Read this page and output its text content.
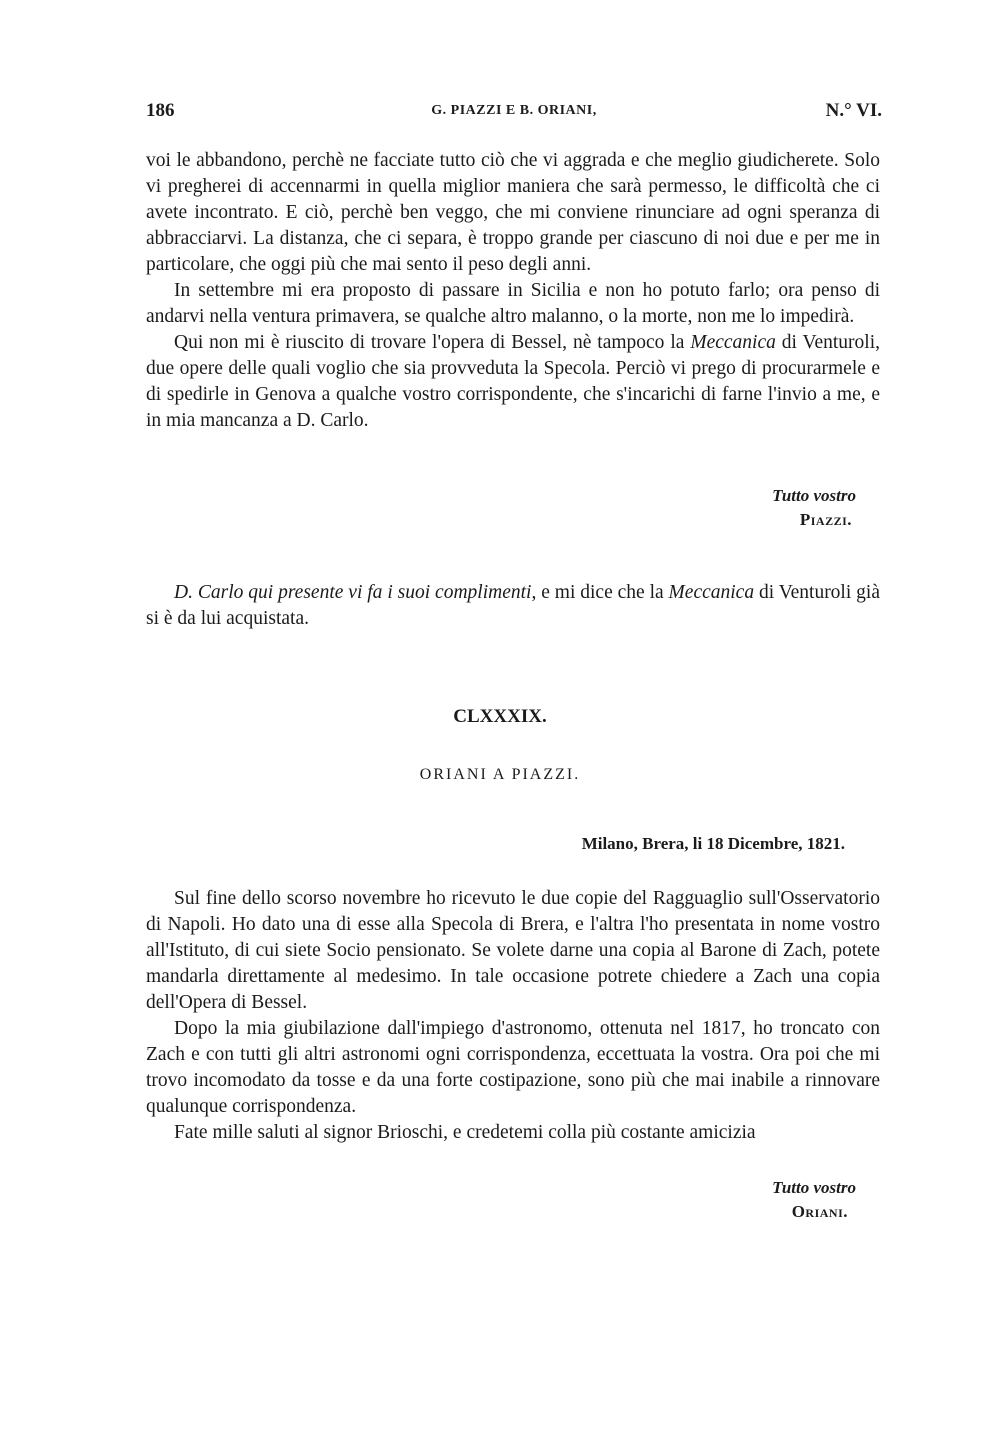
186	G. PIAZZI E B. ORIANI,	N.° VI.

voi le abbandono, perchè ne facciate tutto ciò che vi aggrada e che meglio giudicherete. Solo vi pregherei di accennarmi in quella miglior maniera che sarà permesso, le difficoltà che ci avete incontrato. E ciò, perchè ben veggo, che mi conviene rinunciare ad ogni speranza di abbracciarvi. La distanza, che ci separa, è troppo grande per ciascuno di noi due e per me in particolare, che oggi più che mai sento il peso degli anni.

In settembre mi era proposto di passare in Sicilia e non ho potuto farlo; ora penso di andarvi nella ventura primavera, se qualche altro malanno, o la morte, non me lo impedirà.

Qui non mi è riuscito di trovare l'opera di Bessel, nè tampoco la Meccanica di Venturoli, due opere delle quali voglio che sia provveduta la Specola. Perciò vi prego di procurarmele e di spedirle in Genova a qualche vostro corrispondente, che s'incarichi di farne l'invio a me, e in mia mancanza a D. Carlo.

Tutto vostro
Piazzi.

D. Carlo qui presente vi fa i suoi complimenti, e mi dice che la Meccanica di Venturoli già si è da lui acquistata.

CLXXXIX.
ORIANI A PIAZZI.
Milano, Brera, li 18 Dicembre, 1821.

Sul fine dello scorso novembre ho ricevuto le due copie del Ragguaglio sull'Osservatorio di Napoli. Ho dato una di esse alla Specola di Brera, e l'altra l'ho presentata in nome vostro all'Istituto, di cui siete Socio pensionato. Se volete darne una copia al Barone di Zach, potete mandarla direttamente al medesimo. In tale occasione potrete chiedere a Zach una copia dell'Opera di Bessel.

Dopo la mia giubilazione dall'impiego d'astronomo, ottenuta nel 1817, ho troncato con Zach e con tutti gli altri astronomi ogni corrispondenza, eccettuata la vostra. Ora poi che mi trovo incomodato da tosse e da una forte costipazione, sono più che mai inabile a rinnovare qualunque corrispondenza.

Fate mille saluti al signor Brioschi, e credetemi colla più costante amicizia

Tutto vostro
Oriani.
